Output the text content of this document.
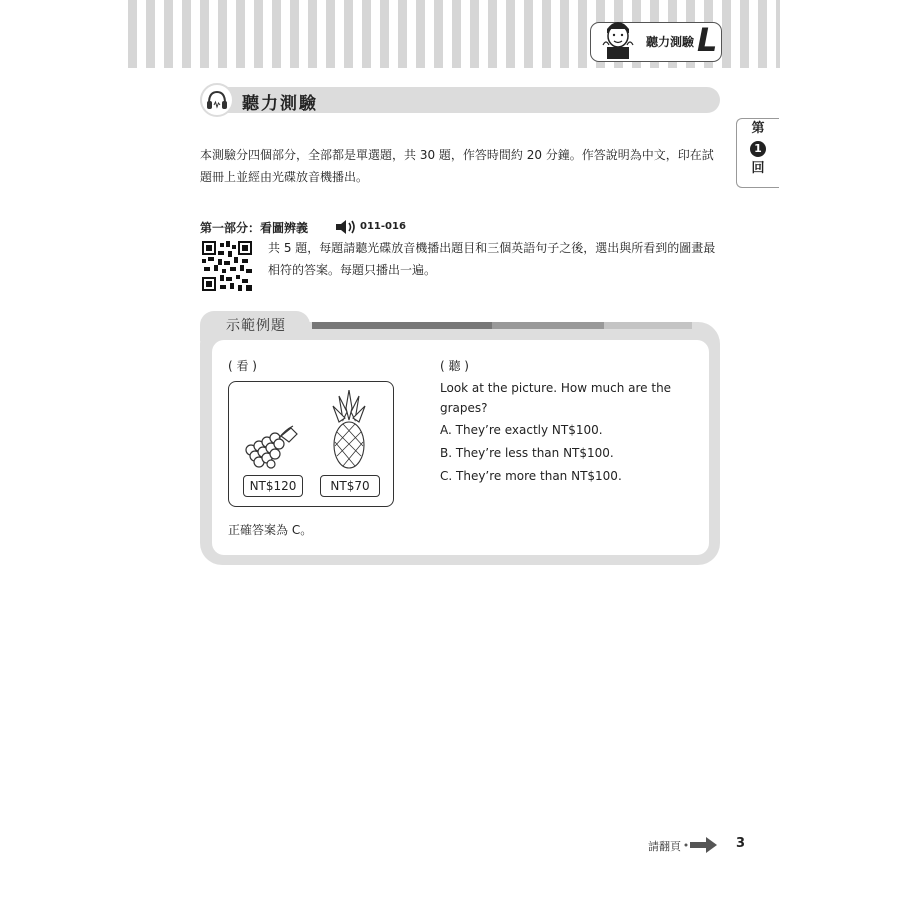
聽力測驗 L
聽力測驗
第
1
回
本測驗分四個部分，全部都是單選題，共 30 題，作答時間約 20 分鐘。作答說明為中文，印在試題冊上並經由光碟放音機播出。
第一部分：看圖辨義	011-016
共 5 題，每題請聽光碟放音機播出題目和三個英語句子之後，選出與所看到的圖畫最相符的答案。每題只播出一遍。
示範例題
( 看 )	( 聽 )
NT$120	NT$70
Look at the picture. How much are the grapes?
A. They’re exactly NT$100.
B. They’re less than NT$100.
C. They’re more than NT$100.
正確答案為 C。
請翻頁	3
